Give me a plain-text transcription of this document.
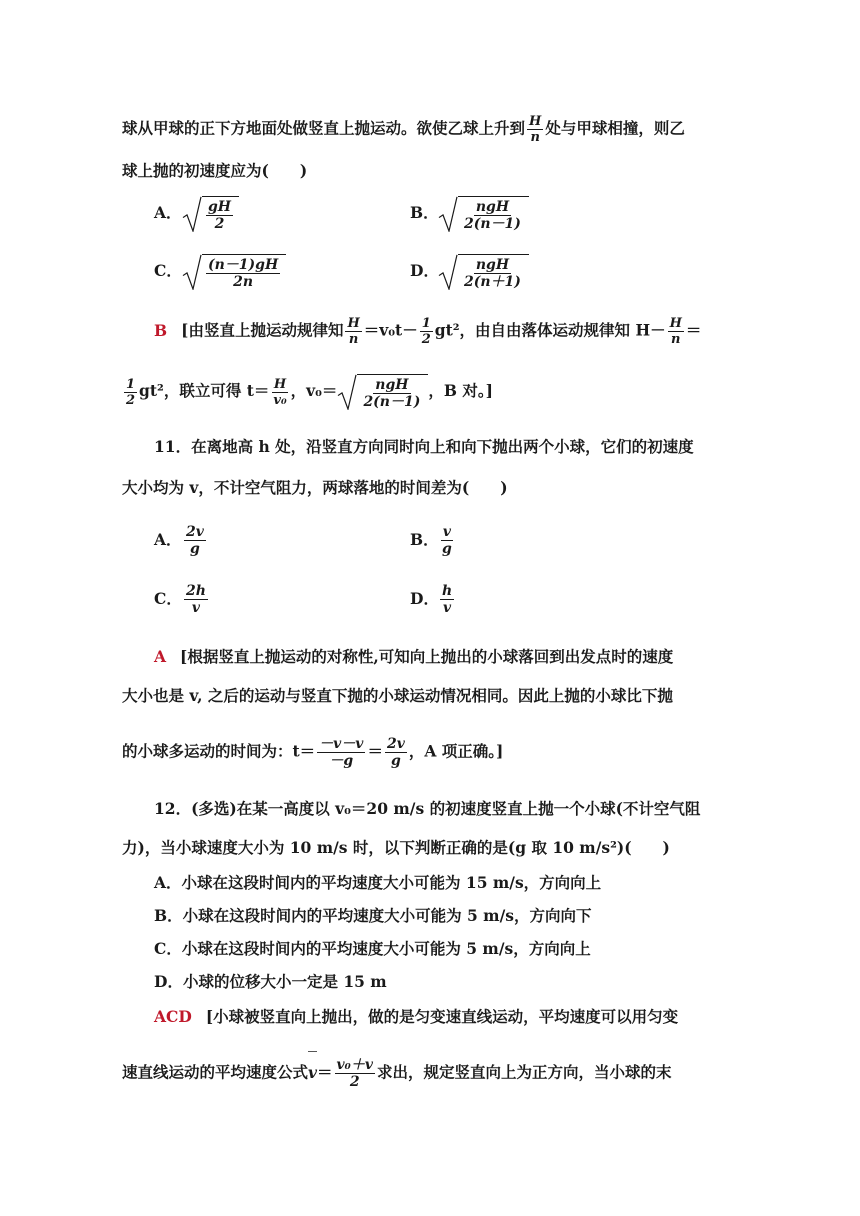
球从甲球的正下方地面处做竖直上抛运动。欲使乙球上升到 $\frac{H}{n}$ 处与甲球相撞，则乙
球上抛的初速度应为(　　)
A． $\frac{gH}{2}$	B． $\frac{\text{ngH}}{2(n-1)}$
C． $\frac{(n-1)gH}{2n}$	D． $\frac{\text{ngH}}{2(n+1)}$
B [由竖直上抛运动规律知 $\frac{H}{n} =v_0t- \frac{1}{2} gt^2$，由自由落体运动规律知 $H- \frac{H}{n}$ ＝
$\frac{1}{2} gt^2$，联立可得 $t= \frac{H}{\text{v₀}}$ ，$v_0= \frac{\text{ngH}}{2(n-1)}$ ，B 对。]
11．在离地高 h 处，沿竖直方向同时向上和向下抛出两个小球，它们的初速度
大小均为 v，不计空气阻力，两球落地的时间差为(　　)
A． $\frac{2v}{g}$	B． $\frac{v}{g}$
C． $\frac{2h}{v}$	D． $\frac{h}{v}$
A [根据竖直上抛运动的对称性,可知向上抛出的小球落回到出发点时的速度
大小也是 v, 之后的运动与竖直下抛的小球运动情况相同。因此上抛的小球比下抛
的小球多运动的时间为：$t= \frac{-v-v}{-g} = \frac{2v}{g}$ ，A 项正确。]
12．(多选)在某一高度以 v₀＝20 m/s 的初速度竖直上抛一个小球(不计空气阻
力)，当小球速度大小为 10 m/s 时，以下判断正确的是(g 取 10 m/s²)(　　)
A．小球在这段时间内的平均速度大小可能为 15 m/s，方向向上
B．小球在这段时间内的平均速度大小可能为 5 m/s，方向向下
C．小球在这段时间内的平均速度大小可能为 5 m/s，方向向上
D．小球的位移大小一定是 15 m
ACD [小球被竖直向上抛出，做的是匀变速直线运动，平均速度可以用匀变
速直线运动的平均速度公式$v= \frac{\text{v₀＋v}}{2}$ 求出，规定竖直向上为正方向，当小球的末
